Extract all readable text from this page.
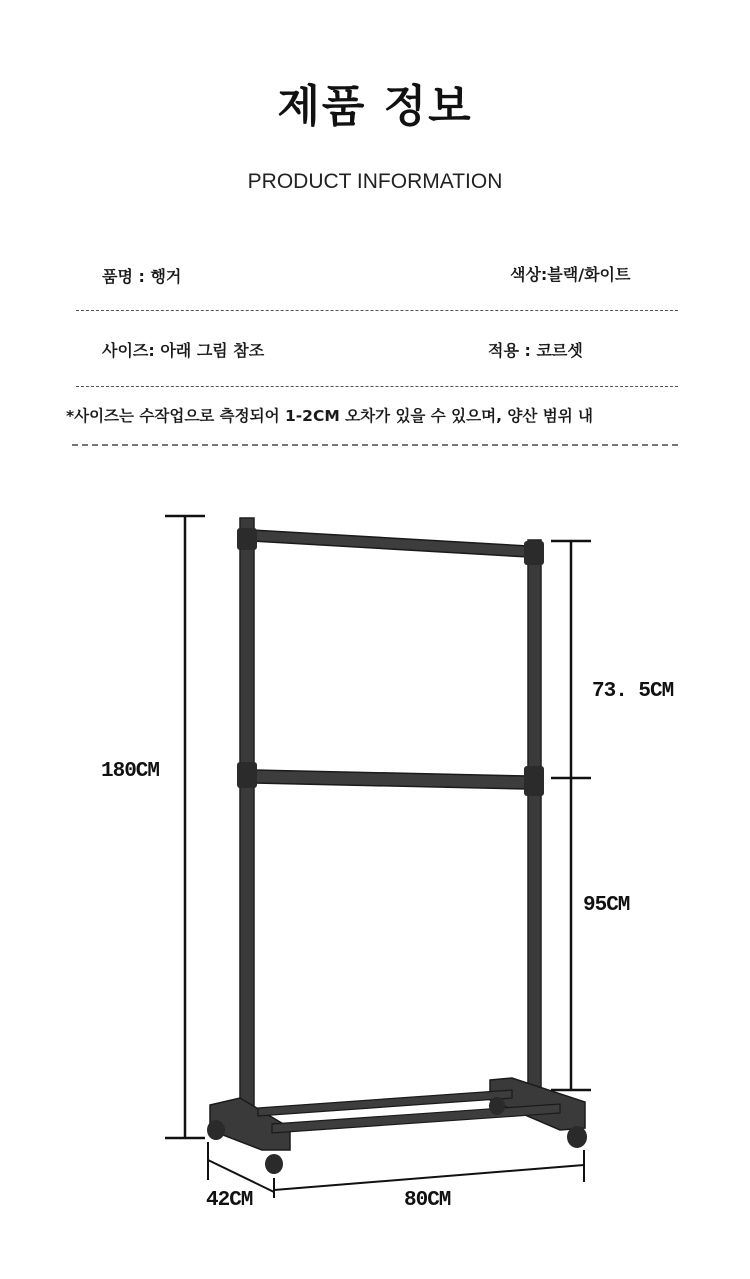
제품 정보
PRODUCT INFORMATION
품명 : 행거	색상:블랙/화이트
사이즈: 아래 그림 참조	적용 : 코르셋
*사이즈는 수작업으로 측정되어 1-2CM 오차가 있을 수 있으며, 양산 범위 내
180CM
73. 5CM
95CM
42CM	80CM
